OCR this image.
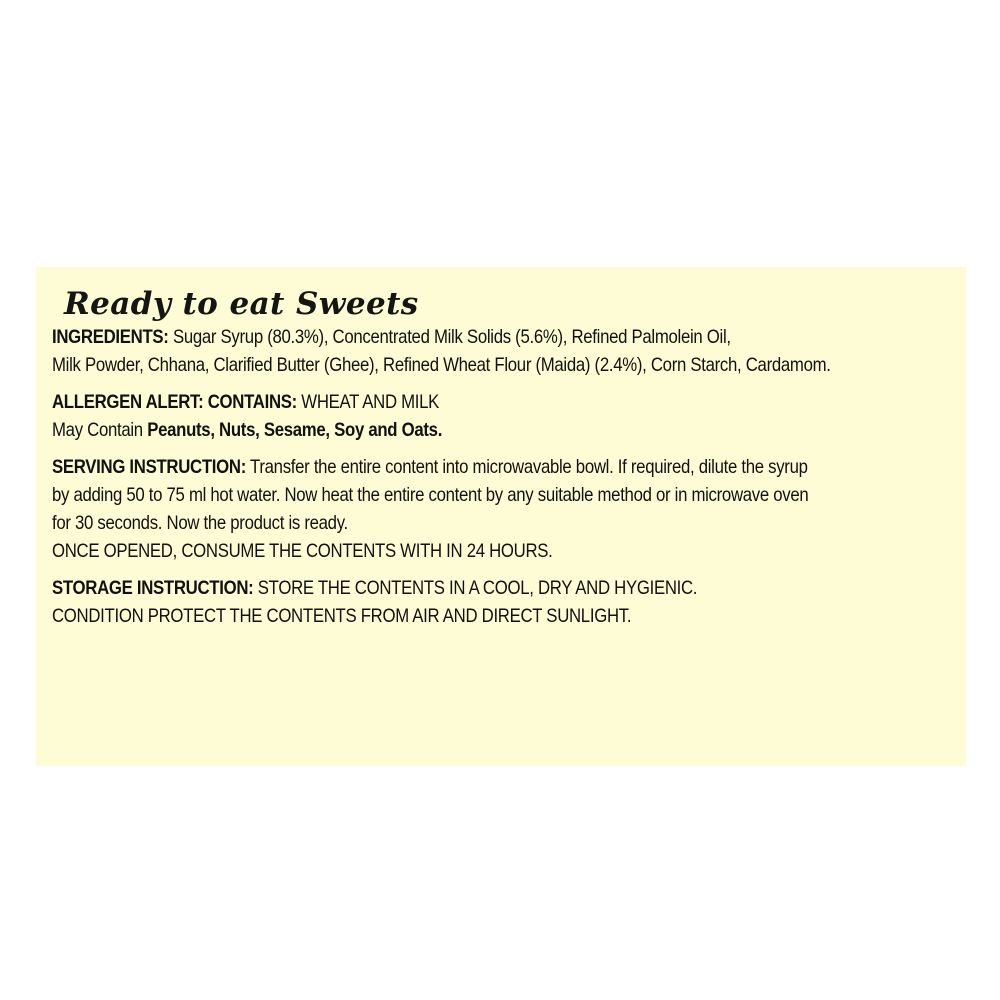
Ready to eat Sweets
INGREDIENTS: Sugar Syrup (80.3%), Concentrated Milk Solids (5.6%), Refined Palmolein Oil,
Milk Powder, Chhana, Clarified Butter (Ghee), Refined Wheat Flour (Maida) (2.4%), Corn Starch, Cardamom.
ALLERGEN ALERT: CONTAINS: WHEAT AND MILK
May Contain Peanuts, Nuts, Sesame, Soy and Oats.
SERVING INSTRUCTION: Transfer the entire content into microwavable bowl. If required, dilute the syrup
by adding 50 to 75 ml hot water. Now heat the entire content by any suitable method or in microwave oven
for 30 seconds. Now the product is ready.
ONCE OPENED, CONSUME THE CONTENTS WITH IN 24 HOURS.
STORAGE INSTRUCTION: STORE THE CONTENTS IN A COOL, DRY AND HYGIENIC.
CONDITION PROTECT THE CONTENTS FROM AIR AND DIRECT SUNLIGHT.
